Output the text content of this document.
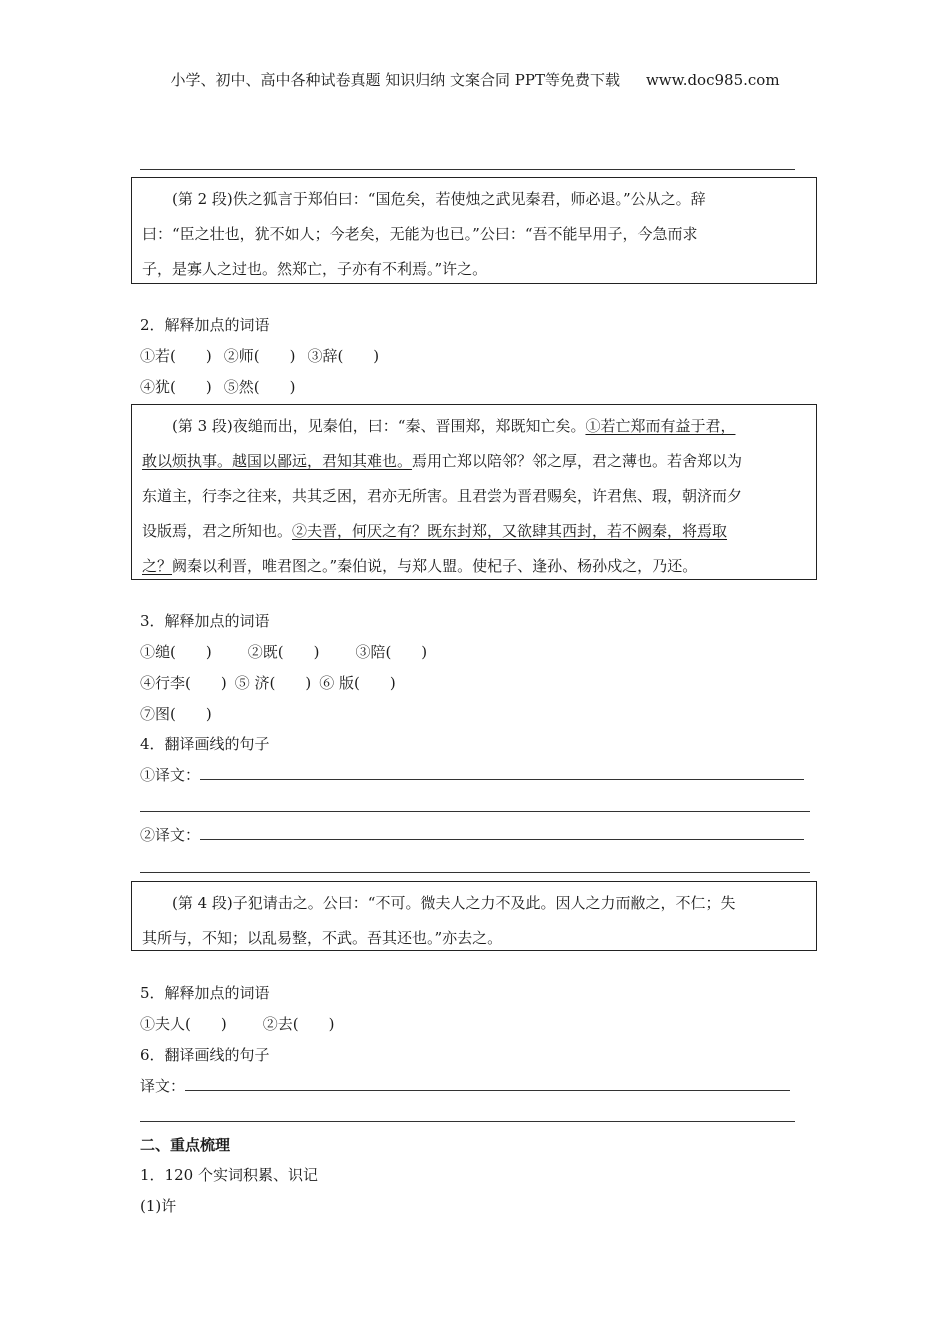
小学、初中、高中各种试卷真题 知识归纳 文案合同 PPT等免费下载 www.doc985.com

(第 2 段)佚之狐言于郑伯曰：“国危矣，若使烛之武见秦君，师必退。”公从之。辞

曰：“臣之壮也，犹不如人；今老矣，无能为也已。”公曰：“吾不能早用子，今急而求

子，是寡人之过也。然郑亡，子亦有不利焉。”许之。

2．解释加点的词语
①若( ) ②师( ) ③辞( )
④犹( ) ⑤然( )

(第 3 段)夜缒而出，见秦伯，曰：“秦、晋围郑，郑既知亡矣。①若亡郑而有益于君，

敢以烦执事。越国以鄙远，君知其难也。焉用亡郑以陪邻？邻之厚，君之薄也。若舍郑以为

东道主，行李之往来，共其乏困，君亦无所害。且君尝为晋君赐矣，许君焦、瑕，朝济而夕

设版焉，君之所知也。②夫晋，何厌之有？既东封郑，又欲肆其西封，若不阙秦，将焉取

之？阙秦以利晋，唯君图之。”秦伯说，与郑人盟。使杞子、逢孙、杨孙戍之，乃还。

3．解释加点的词语
①缒( ) ②既( ) ③陪( )
④行李( ) ⑤ 济( ) ⑥ 版( )
⑦图( )
4．翻译画线的句子
①译文：
②译文：

(第 4 段)子犯请击之。公曰：“不可。微夫人之力不及此。因人之力而敝之，不仁；失

其所与，不知；以乱易整，不武。吾其还也。”亦去之。

5．解释加点的词语
①夫人( ) ②去( )
6．翻译画线的句子
译文：
二、重点梳理
1．120 个实词积累、识记
(1)许
